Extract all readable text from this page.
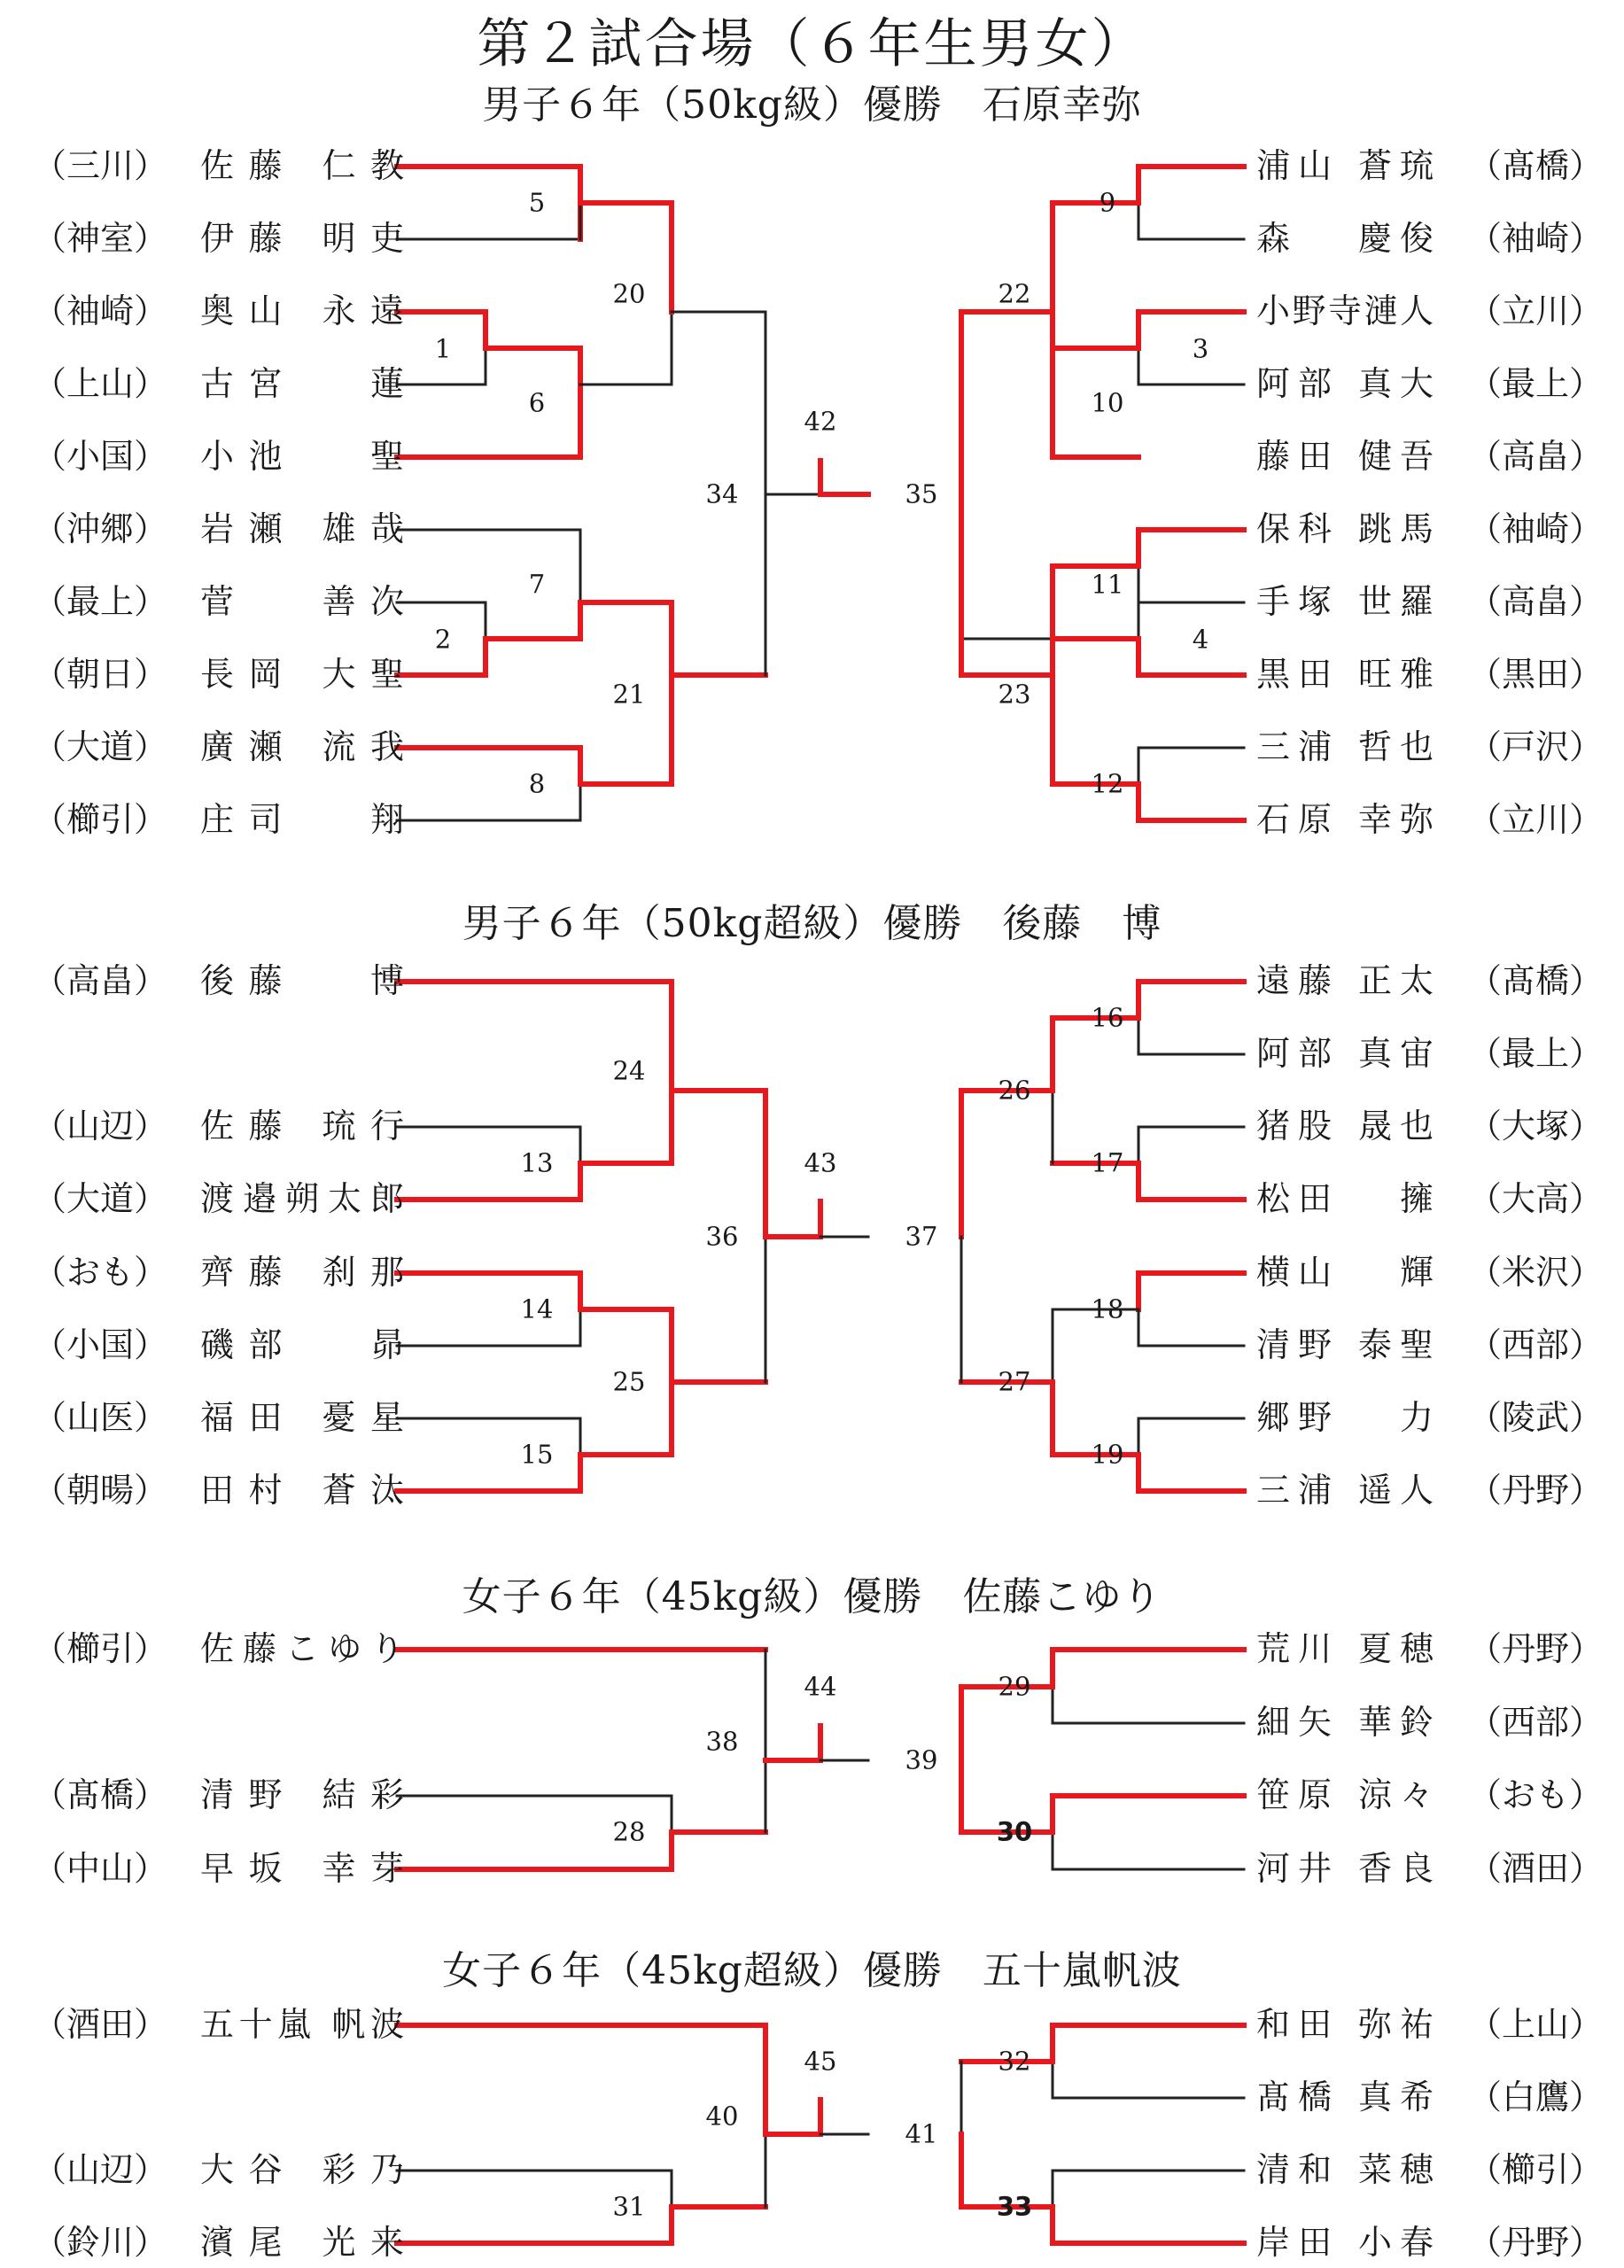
第２試合場（６年生男女）
男子６年（50kg級）優勝　石原幸弥
男子６年（50kg超級）優勝　後藤　博
女子６年（45kg級）優勝　佐藤こゆり
女子６年（45kg超級）優勝　五十嵐帆波
（三川） 佐藤 仁教
（神室） 伊藤 明吏
（袖崎） 奥山 永遠
（上山） 古宮 　蓮
（小国） 小池 　聖
（沖郷） 岩瀬 雄哉
（最上） 菅 　善次
（朝日） 長岡 大聖
（大道） 廣瀬 流我
（櫛引） 庄司 　翔
浦山 蒼琉 （髙橋）
森 　慶俊 （袖崎）
小野寺漣人 （立川）
阿部 真大 （最上）
藤田 健吾 （高畠）
保科 跳馬 （袖崎）
手塚 世羅 （高畠）
黒田 旺雅 （黒田）
三浦 哲也 （戸沢）
石原 幸弥 （立川）
（高畠） 後藤 　博
（山辺） 佐藤 琉行
（大道） 渡邉朔太郎
（おも） 齊藤 刹那
（小国） 磯部 　昴
（山医） 福田 憂星
（朝暘） 田村 蒼汰
遠藤 正太 （髙橋）
阿部 真宙 （最上）
猪股 晟也 （大塚）
松田 　擁 （大高）
横山 　輝 （米沢）
清野 泰聖 （西部）
郷野 　力 （陵武）
三浦 遥人 （丹野）
（櫛引） 佐藤こゆり
（髙橋） 清野 結彩
（中山） 早坂 幸芽
荒川 夏穂 （丹野）
細矢 華鈴 （西部）
笹原 涼々 （おも）
河井 香良 （酒田）
（酒田） 五十嵐 帆波
（山辺） 大谷 彩乃
（鈴川） 濱尾 光来
和田 弥祐 （上山）
髙橋 真希 （白鷹）
清和 菜穂 （櫛引）
岸田 小春 （丹野）
1
2
3
4
5
6
7
8
9
10
11
12
20
21
22
23
34	35
42
13
14
15
16
17
18
19
24
25
26
27
36	37
43
28
29
30
38
39
44
31
32
33
40
41
45
